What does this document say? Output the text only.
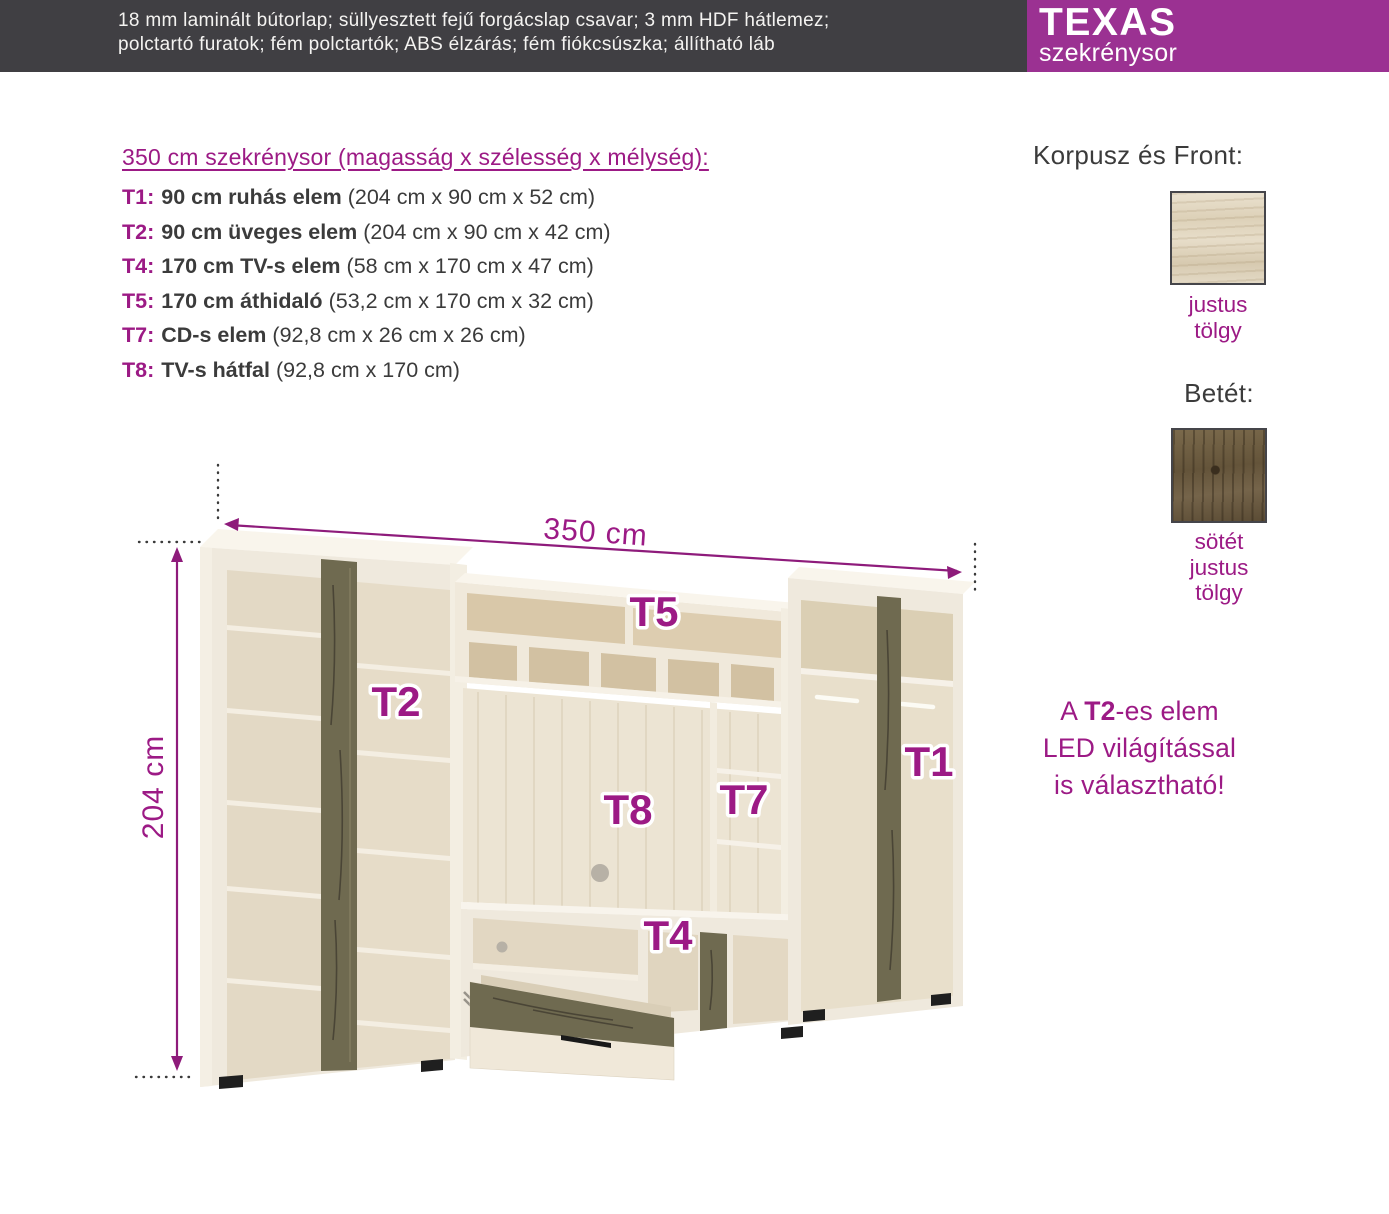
18 mm laminált bútorlap; süllyesztett fejű forgácslap csavar; 3 mm HDF hátlemez;
polctartó furatok; fém polctartók; ABS élzárás; fém fiókcsúszka; állítható láb	TEXAS
szekrénysor
350 cm szekrénysor (magasság x szélesség x mélység):
T1: 90 cm ruhás elem (204 cm x 90 cm x 52 cm)
T2: 90 cm üveges elem (204 cm x 90 cm x 42 cm)
T4: 170 cm TV-s elem (58 cm x 170 cm x 47 cm)
T5: 170 cm áthidaló (53,2 cm x 170 cm x 32 cm)
T7: CD-s elem (92,8 cm x 26 cm x 26 cm)
T8: TV-s hátfal (92,8 cm x 170 cm)
Korpusz és Front:
justus
tölgy
Betét:
sötét
justus
tölgy
A T2-es elem
LED világítással
is választható!
350 cm
204 cm
T2
T5
T8 T7
T1
T4
